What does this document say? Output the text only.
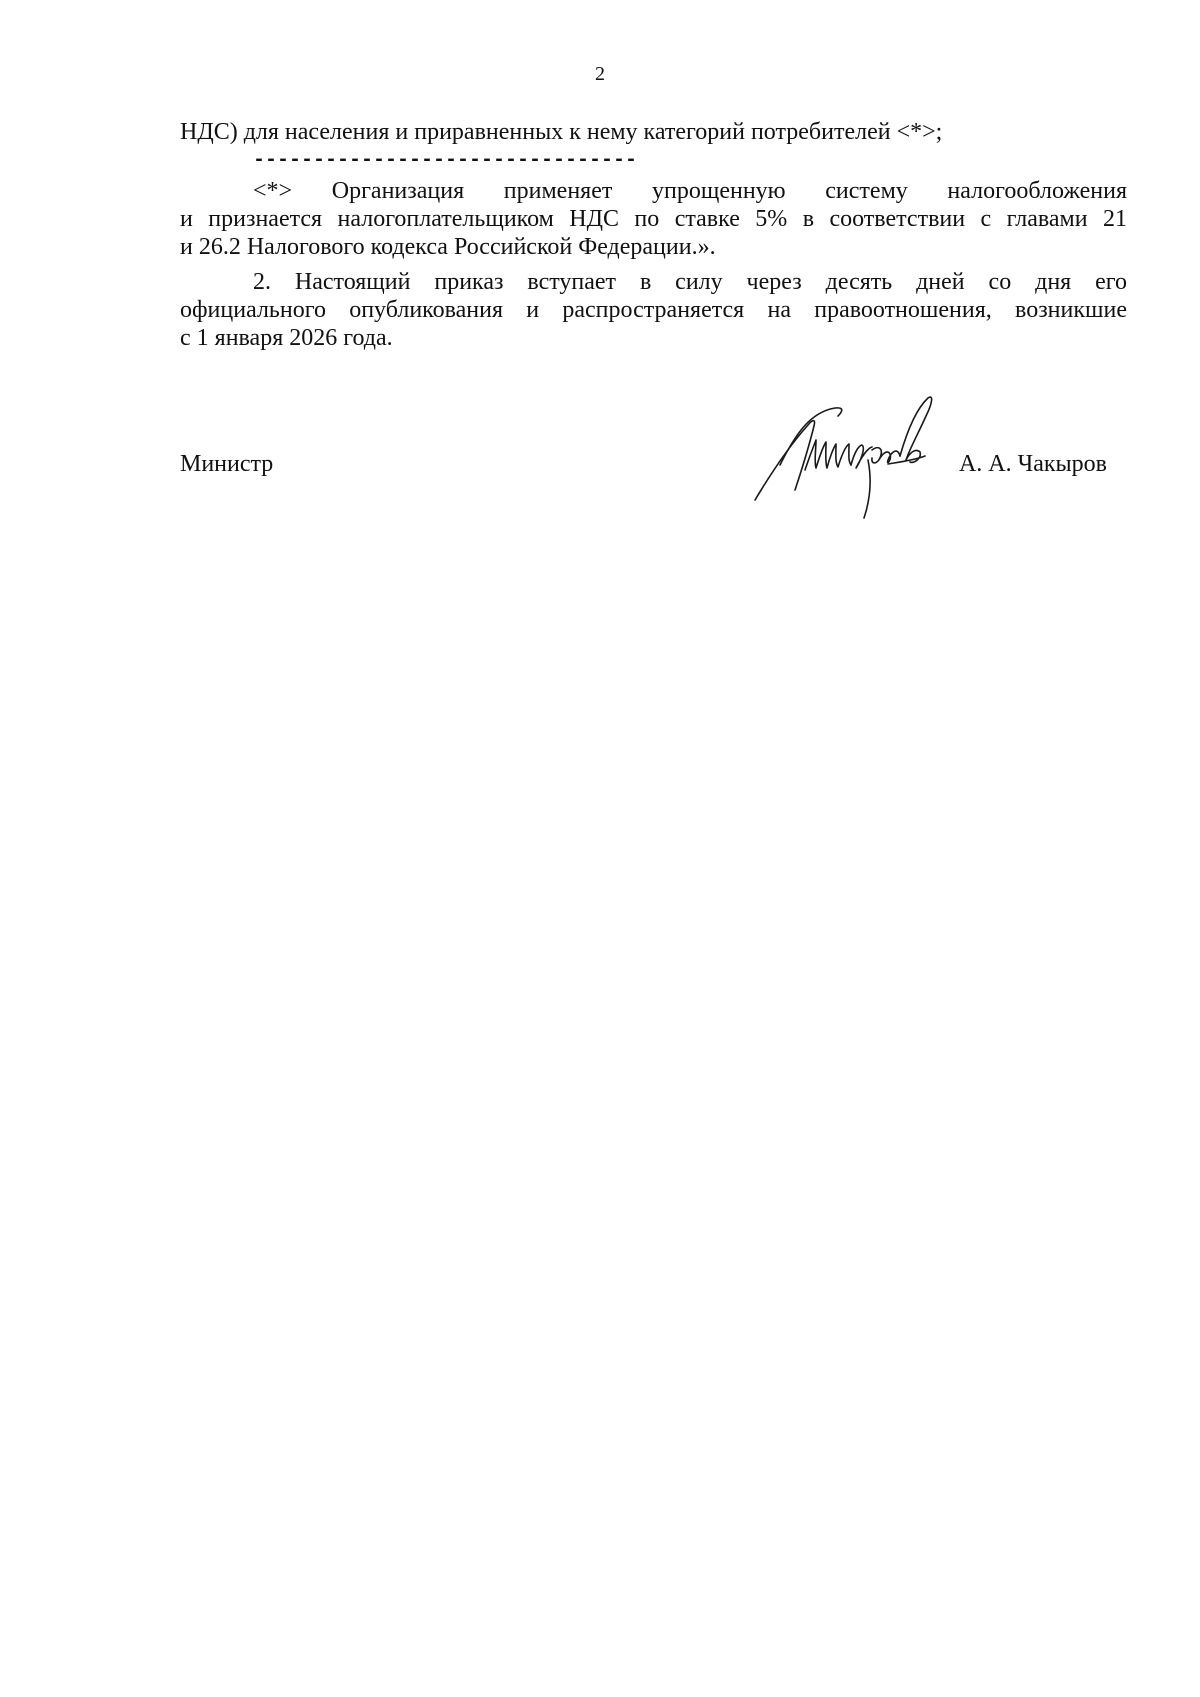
2
НДС) для населения и приравненных к нему категорий потребителей <*>;
--------------------------------
<*> Организация применяет упрощенную систему налогообложения
и признается налогоплательщиком НДС по ставке 5% в соответствии с главами 21
и 26.2 Налогового кодекса Российской Федерации.».
2. Настоящий приказ вступает в силу через десять дней со дня его
официального опубликования и распространяется на правоотношения, возникшие
с 1 января 2026 года.
Министр	А. А. Чакыров
